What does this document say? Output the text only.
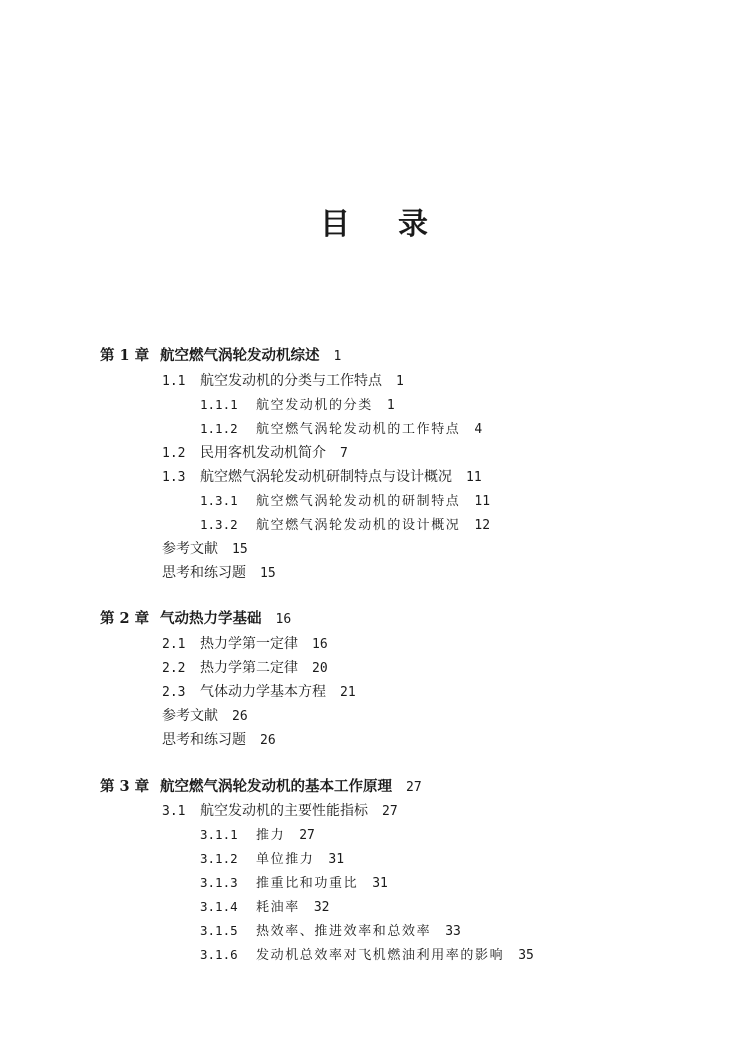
目 录
第 1 章 航空燃气涡轮发动机综述 1
1.1 航空发动机的分类与工作特点 1
1.1.1 航空发动机的分类 1
1.1.2 航空燃气涡轮发动机的工作特点 4
1.2 民用客机发动机简介 7
1.3 航空燃气涡轮发动机研制特点与设计概况 11
1.3.1 航空燃气涡轮发动机的研制特点 11
1.3.2 航空燃气涡轮发动机的设计概况 12
参考文献 15
思考和练习题 15
第 2 章 气动热力学基础 16
2.1 热力学第一定律 16
2.2 热力学第二定律 20
2.3 气体动力学基本方程 21
参考文献 26
思考和练习题 26
第 3 章 航空燃气涡轮发动机的基本工作原理 27
3.1 航空发动机的主要性能指标 27
3.1.1 推力 27
3.1.2 单位推力 31
3.1.3 推重比和功重比 31
3.1.4 耗油率 32
3.1.5 热效率、推进效率和总效率 33
3.1.6 发动机总效率对飞机燃油利用率的影响 35
